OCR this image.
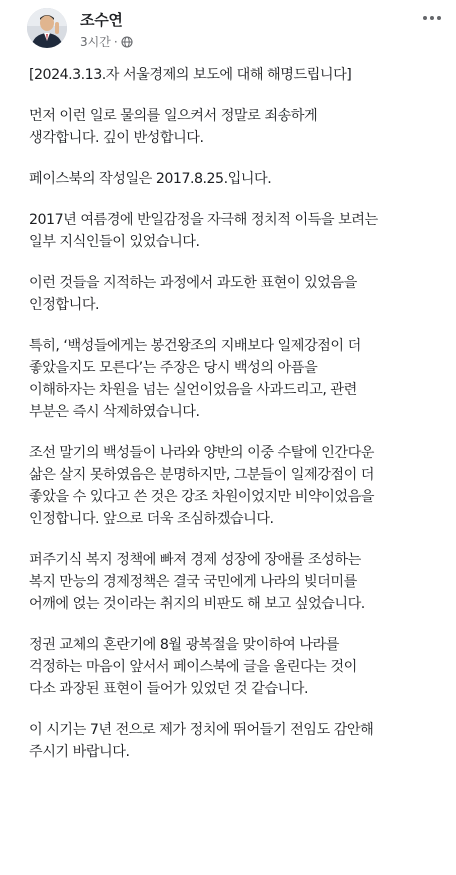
조수연
3시간 ·

[2024.3.13.자 서울경제의 보도에 대해 해명드립니다]

먼저 이런 일로 물의를 일으켜서 정말로 죄송하게
생각합니다. 깊이 반성합니다.

페이스북의 작성일은 2017.8.25.입니다.

2017년 여름경에 반일감정을 자극해 정치적 이득을 보려는
일부 지식인들이 있었습니다.

이런 것들을 지적하는 과정에서 과도한 표현이 있었음을
인정합니다.

특히, ‘백성들에게는 봉건왕조의 지배보다 일제강점이 더
좋았을지도 모른다’는 주장은 당시 백성의 아픔을
이해하자는 차원을 넘는 실언이었음을 사과드리고, 관련
부분은 즉시 삭제하였습니다.

조선 말기의 백성들이 나라와 양반의 이중 수탈에 인간다운
삶은 살지 못하였음은 분명하지만, 그분들이 일제강점이 더
좋았을 수 있다고 쓴 것은 강조 차원이었지만 비약이었음을
인정합니다. 앞으로 더욱 조심하겠습니다.

퍼주기식 복지 정책에 빠져 경제 성장에 장애를 조성하는
복지 만능의 경제정책은 결국 국민에게 나라의 빚더미를
어깨에 얹는 것이라는 취지의 비판도 해 보고 싶었습니다.

정권 교체의 혼란기에 8월 광복절을 맞이하여 나라를
걱정하는 마음이 앞서서 페이스북에 글을 올린다는 것이
다소 과장된 표현이 들어가 있었던 것 같습니다.

이 시기는 7년 전으로 제가 정치에 뛰어들기 전임도 감안해
주시기 바랍니다.
